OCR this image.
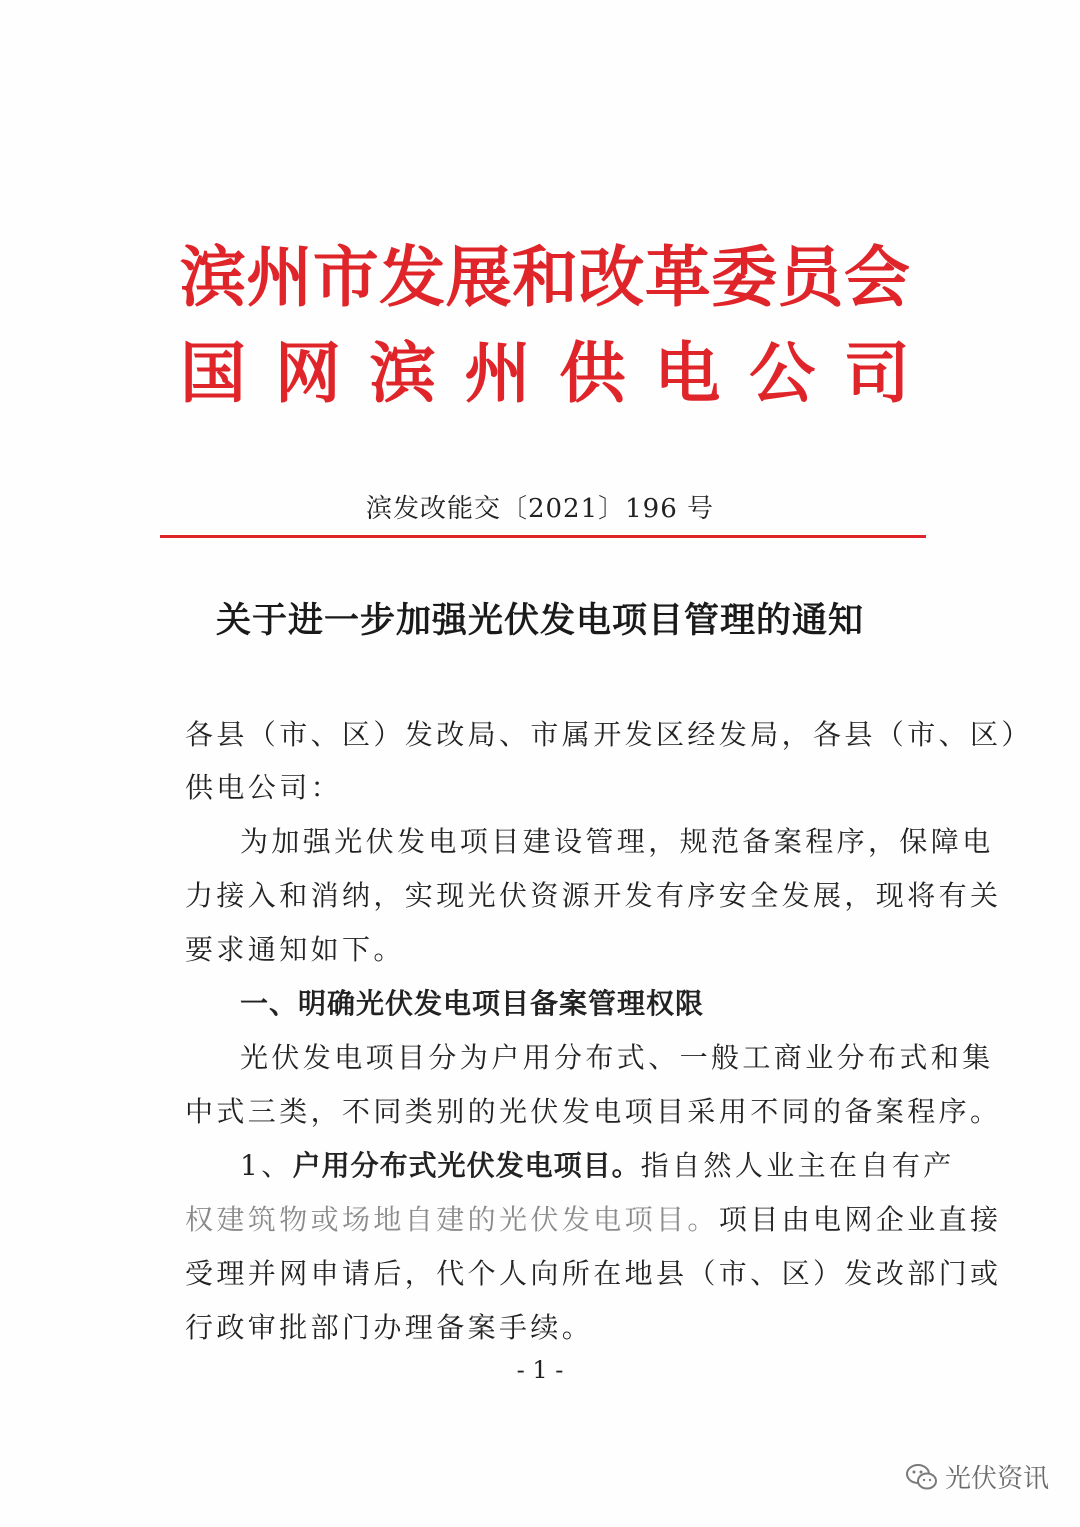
滨 州 市 发 展 和 改 革 委 员 会
国 网 滨 州 供 电 公 司
滨发改能交〔2021〕196 号
关于进一步加强光伏发电项目管理的通知
各县（市、区）发改局、市属开发区经发局，各县（市、区）
供电公司：
为加强光伏发电项目建设管理，规范备案程序，保障电
力接入和消纳，实现光伏资源开发有序安全发展，现将有关
要求通知如下。
一、明确光伏发电项目备案管理权限
光伏发电项目分为户用分布式、一般工商业分布式和集
中式三类，不同类别的光伏发电项目采用不同的备案程序。
1、户用分布式光伏发电项目。指自然人业主在自有产
权建筑物或场地自建的光伏发电项目。项目由电网企业直接
受理并网申请后，代个人向所在地县（市、区）发改部门或
行政审批部门办理备案手续。
- 1 -
光伏资讯
